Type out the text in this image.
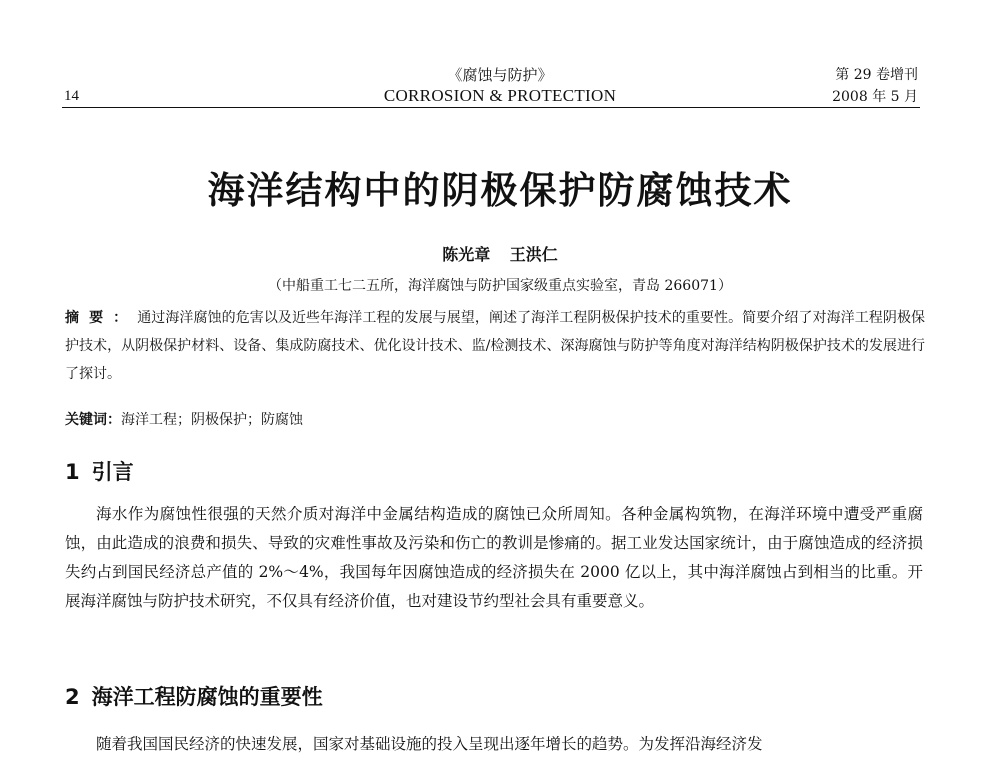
《腐蚀与防护》
CORROSION & PROTECTION
14
第 29 卷增刊
2008 年 5 月
海洋结构中的阴极保护防腐蚀技术
陈光章 王洪仁
（中船重工七二五所，海洋腐蚀与防护国家级重点实验室，青岛 266071）
摘要：通过海洋腐蚀的危害以及近些年海洋工程的发展与展望，阐述了海洋工程阴极保护技术的重要性。简要介绍了对海洋工程阴极保护技术，从阴极保护材料、设备、集成防腐技术、优化设计技术、监/检测技术、深海腐蚀与防护等角度对海洋结构阴极保护技术的发展进行了探讨。
关键词：海洋工程；阴极保护；防腐蚀
1 引言
海水作为腐蚀性很强的天然介质对海洋中金属结构造成的腐蚀已众所周知。各种金属构筑物，在海洋环境中遭受严重腐蚀，由此造成的浪费和损失、导致的灾难性事故及污染和伤亡的教训是惨痛的。据工业发达国家统计，由于腐蚀造成的经济损失约占到国民经济总产值的 2%～4%，我国每年因腐蚀造成的经济损失在 2000 亿以上，其中海洋腐蚀占到相当的比重。开展海洋腐蚀与防护技术研究，不仅具有经济价值，也对建设节约型社会具有重要意义。
2 海洋工程防腐蚀的重要性
随着我国国民经济的快速发展，国家对基础设施的投入呈现出逐年增长的趋势。为发挥沿海经济发
